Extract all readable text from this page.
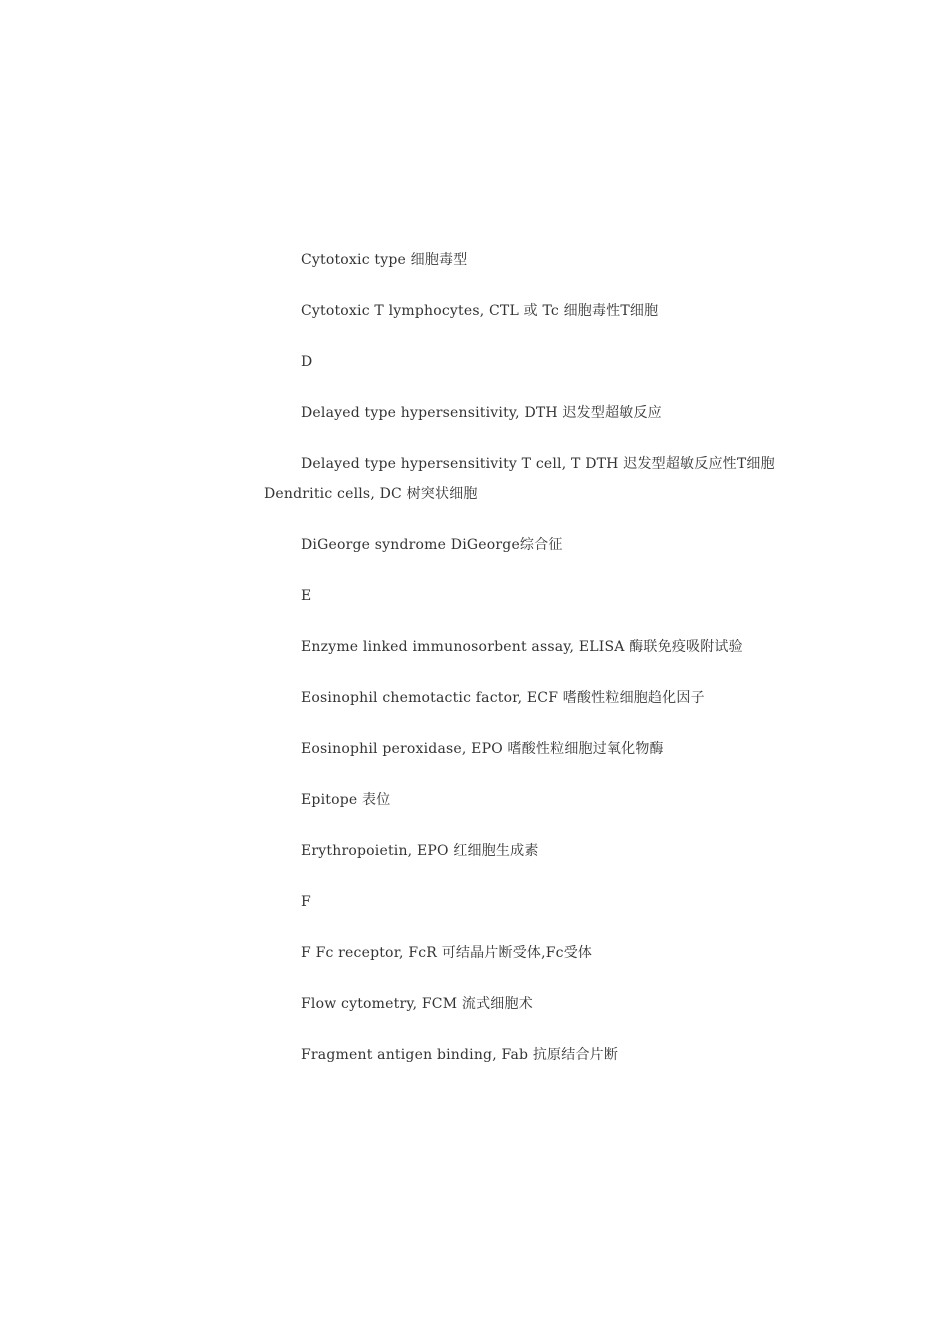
Cytotoxic type 细胞毒型
Cytotoxic T lymphocytes, CTL 或 Tc 细胞毒性T细胞
D
Delayed type hypersensitivity, DTH 迟发型超敏反应
Delayed type hypersensitivity T cell, T DTH 迟发型超敏反应性T细胞
Dendritic cells, DC 树突状细胞
DiGeorge syndrome DiGeorge综合征
E
Enzyme linked immunosorbent assay, ELISA 酶联免疫吸附试验
Eosinophil chemotactic factor, ECF 嗜酸性粒细胞趋化因子
Eosinophil peroxidase, EPO 嗜酸性粒细胞过氧化物酶
Epitope 表位
Erythropoietin, EPO 红细胞生成素
F
F Fc receptor, FcR 可结晶片断受体,Fc受体
Flow cytometry, FCM 流式细胞术
Fragment antigen binding, Fab 抗原结合片断
